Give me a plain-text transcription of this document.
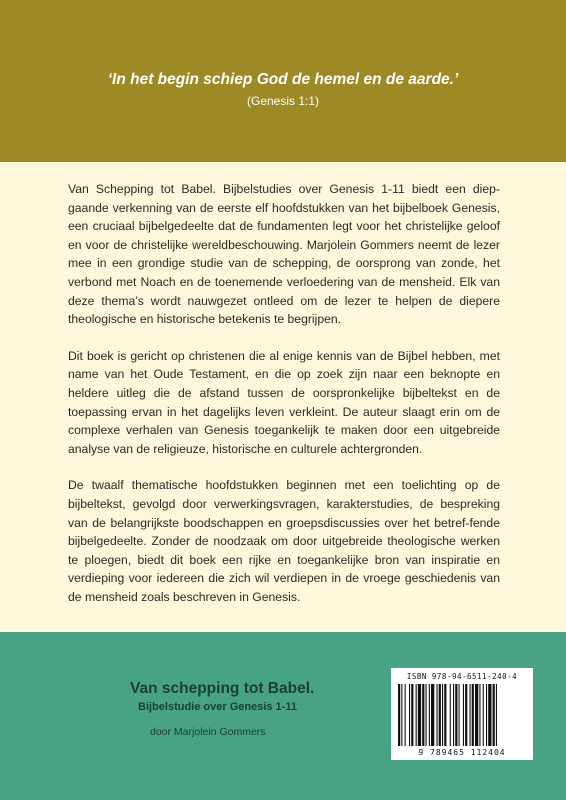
‘In het begin schiep God de hemel en de aarde.’
(Genesis 1:1)

Van Schepping tot Babel. Bijbelstudies over Genesis 1-11 biedt een diep-gaande verkenning van de eerste elf hoofdstukken van het bijbelboek Genesis, een cruciaal bijbelgedeelte dat de fundamenten legt voor het christelijke geloof en voor de christelijke wereldbeschouwing. Marjolein Gommers neemt de lezer mee in een grondige studie van de schepping, de oorsprong van zonde, het verbond met Noach en de toenemende verloedering van de mensheid. Elk van deze thema’s wordt nauwgezet ontleed om de lezer te helpen de diepere theologische en historische betekenis te begrijpen.

Dit boek is gericht op christenen die al enige kennis van de Bijbel hebben, met name van het Oude Testament, en die op zoek zijn naar een beknopte en heldere uitleg die de afstand tussen de oorspronkelijke bijbeltekst en de toepassing ervan in het dagelijks leven verkleint. De auteur slaagt erin om de complexe verhalen van Genesis toegankelijk te maken door een uitgebreide analyse van de religieuze, historische en culturele achtergronden.

De twaalf thematische hoofdstukken beginnen met een toelichting op de bijbeltekst, gevolgd door verwerkingsvragen, karakterstudies, de bespreking van de belangrijkste boodschappen en groepsdiscussies over het betref-fende bijbelgedeelte. Zonder de noodzaak om door uitgebreide theologische werken te ploegen, biedt dit boek een rijke en toegankelijke bron van inspiratie en verdieping voor iedereen die zich wil verdiepen in de vroege geschiedenis van de mensheid zoals beschreven in Genesis.

Van schepping tot Babel.
Bijbelstudie over Genesis 1-11
door Marjolein Gommers
ISBN 978-94-6511-240-4
9 789465 112404
